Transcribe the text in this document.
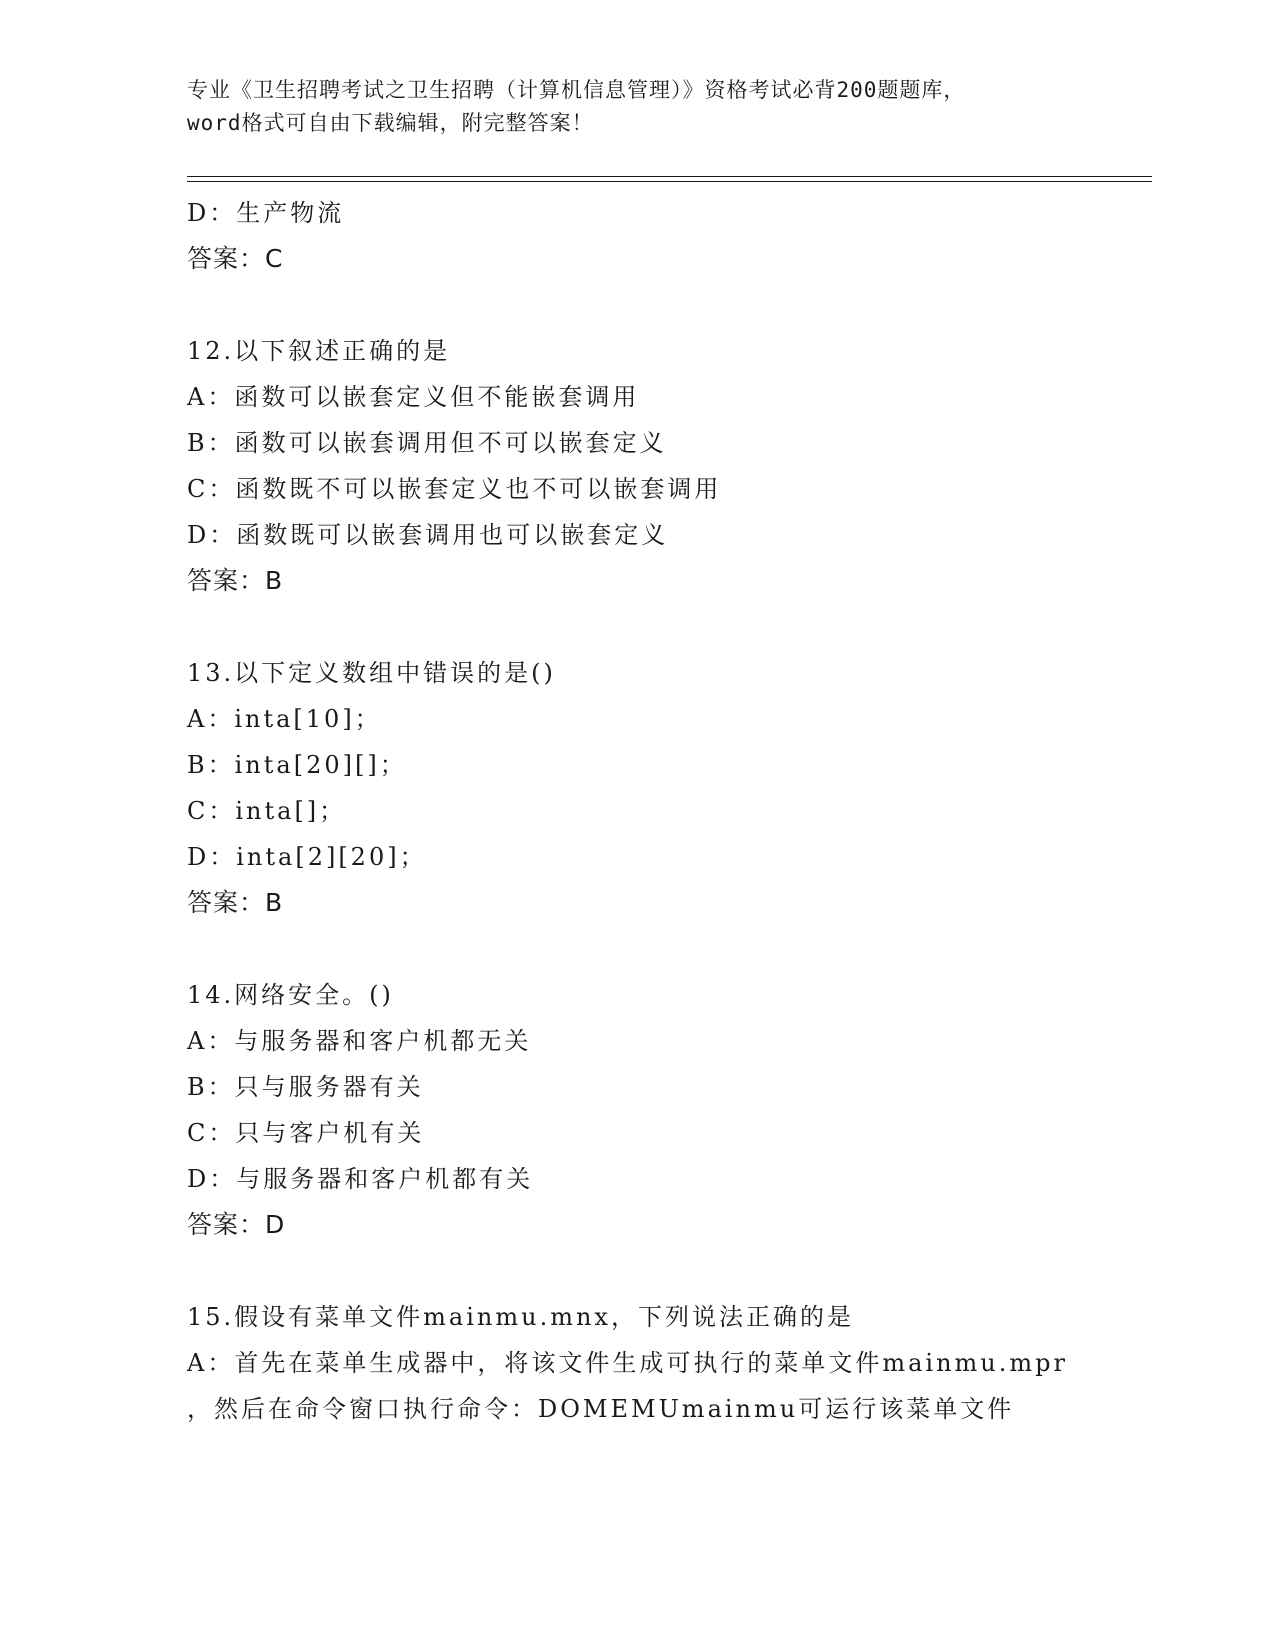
专业《卫生招聘考试之卫生招聘（计算机信息管理）》资格考试必背200题题库，
word格式可自由下载编辑，附完整答案！
D：生产物流
答案：C
12.以下叙述正确的是
A：函数可以嵌套定义但不能嵌套调用
B：函数可以嵌套调用但不可以嵌套定义
C：函数既不可以嵌套定义也不可以嵌套调用
D：函数既可以嵌套调用也可以嵌套定义
答案：B
13.以下定义数组中错误的是()
A：inta[10]；
B：inta[20][]；
C：inta[]；
D：inta[2][20]；
答案：B
14.网络安全。()
A：与服务器和客户机都无关
B：只与服务器有关
C：只与客户机有关
D：与服务器和客户机都有关
答案：D
15.假设有菜单文件mainmu.mnx，下列说法正确的是
A：首先在菜单生成器中，将该文件生成可执行的菜单文件mainmu.mpr
，然后在命令窗口执行命令：DOMEMUmainmu可运行该菜单文件
